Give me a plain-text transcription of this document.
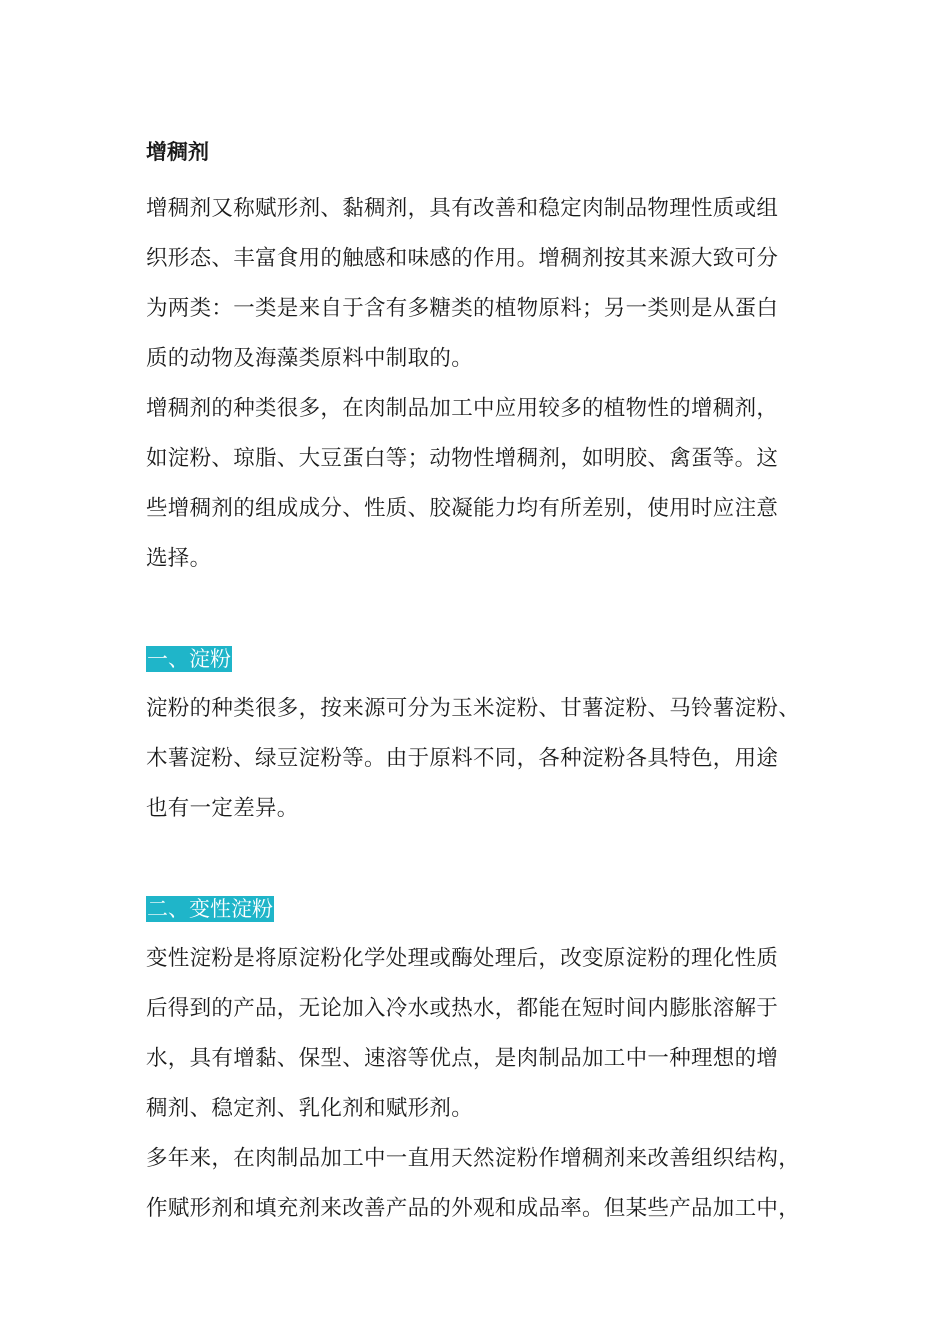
增稠剂
增稠剂又称赋形剂、黏稠剂，具有改善和稳定肉制品物理性质或组
织形态、丰富食用的触感和味感的作用。增稠剂按其来源大致可分
为两类：一类是来自于含有多糖类的植物原料；另一类则是从蛋白
质的动物及海藻类原料中制取的。
增稠剂的种类很多，在肉制品加工中应用较多的植物性的增稠剂，
如淀粉、琼脂、大豆蛋白等；动物性增稠剂，如明胶、禽蛋等。这
些增稠剂的组成成分、性质、胶凝能力均有所差别，使用时应注意
选择。
一、淀粉
淀粉的种类很多，按来源可分为玉米淀粉、甘薯淀粉、马铃薯淀粉、
木薯淀粉、绿豆淀粉等。由于原料不同，各种淀粉各具特色，用途
也有一定差异。
二、变性淀粉
变性淀粉是将原淀粉化学处理或酶处理后，改变原淀粉的理化性质
后得到的产品，无论加入冷水或热水，都能在短时间内膨胀溶解于
水，具有增黏、保型、速溶等优点，是肉制品加工中一种理想的增
稠剂、稳定剂、乳化剂和赋形剂。
多年来，在肉制品加工中一直用天然淀粉作增稠剂来改善组织结构，
作赋形剂和填充剂来改善产品的外观和成品率。但某些产品加工中，
